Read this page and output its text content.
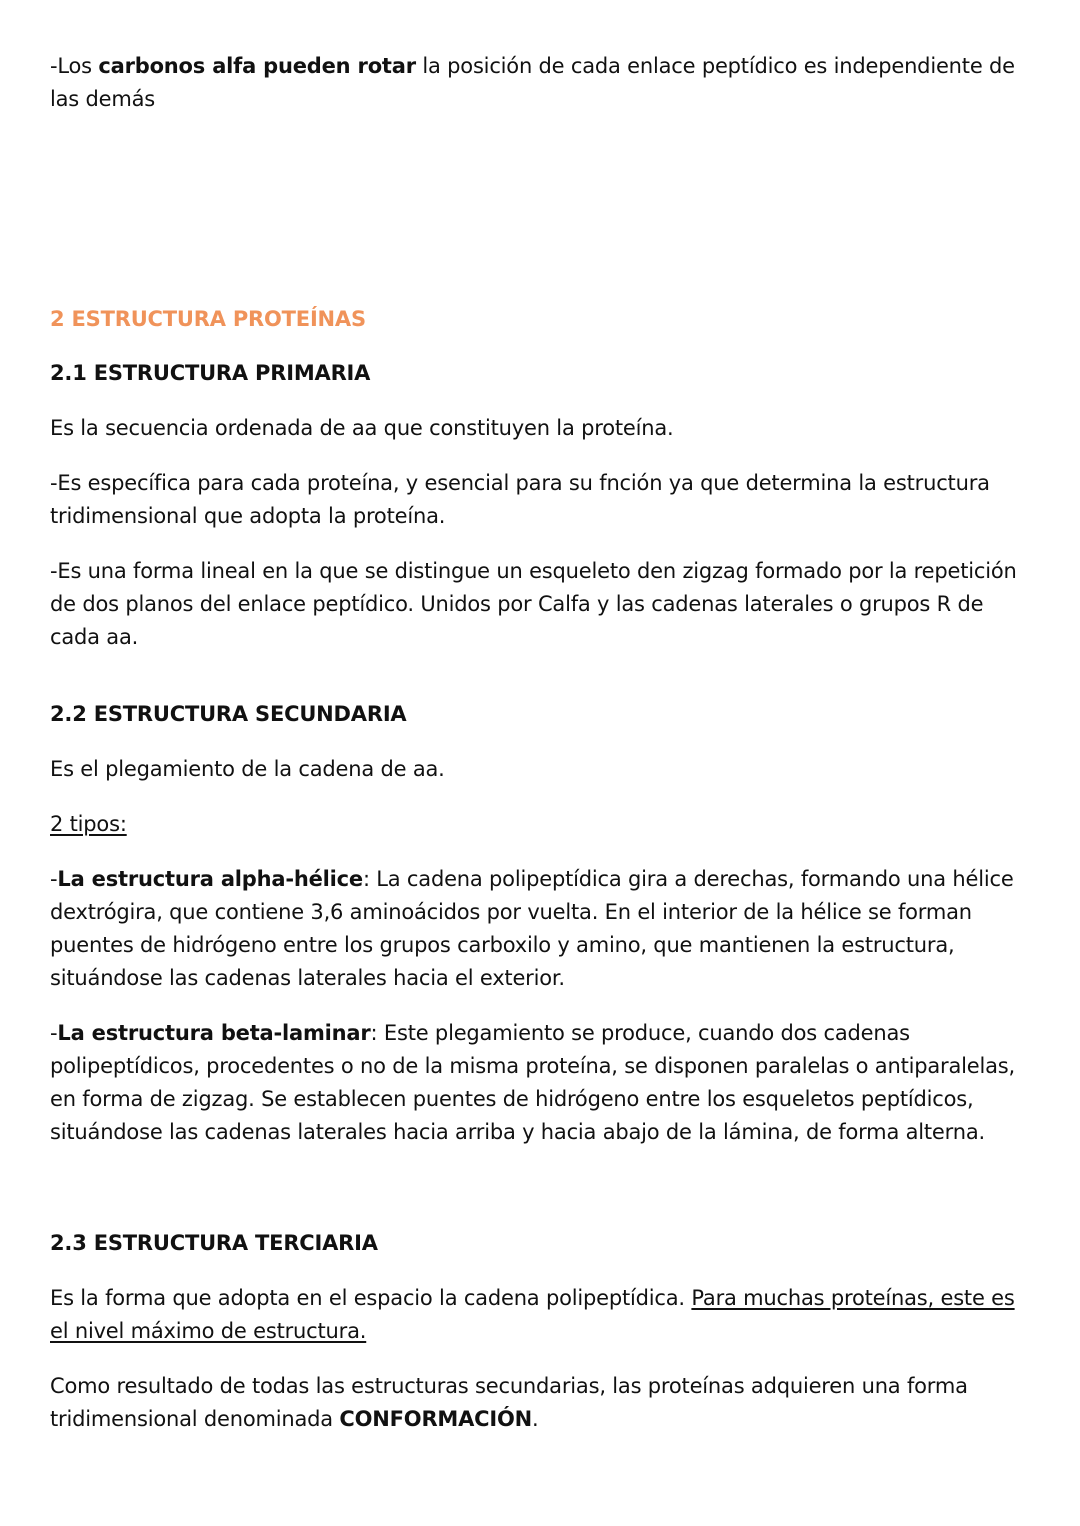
-Los carbonos alfa pueden rotar la posición de cada enlace peptídico es independiente de las demás

2 ESTRUCTURA PROTEÍNAS
2.1 ESTRUCTURA PRIMARIA

Es la secuencia ordenada de aa que constituyen la proteína.

-Es específica para cada proteína, y esencial para su fnción ya que determina la estructura tridimensional que adopta la proteína.

-Es una forma lineal en la que se distingue un esqueleto den zigzag formado por la repetición de dos planos del enlace peptídico. Unidos por Calfa y las cadenas laterales o grupos R de cada aa.

2.2 ESTRUCTURA SECUNDARIA

Es el plegamiento de la cadena de aa.

2 tipos:

-La estructura alpha-hélice: La cadena polipeptídica gira a derechas, formando una hélice dextrógira, que contiene 3,6 aminoácidos por vuelta. En el interior de la hélice se forman puentes de hidrógeno entre los grupos carboxilo y amino, que mantienen la estructura, situándose las cadenas laterales hacia el exterior.

-La estructura beta-laminar: Este plegamiento se produce, cuando dos cadenas polipeptídicos, procedentes o no de la misma proteína, se disponen paralelas o antiparalelas, en forma de zigzag. Se establecen puentes de hidrógeno entre los esqueletos peptídicos, situándose las cadenas laterales hacia arriba y hacia abajo de la lámina, de forma alterna.

2.3 ESTRUCTURA TERCIARIA

Es la forma que adopta en el espacio la cadena polipeptídica. Para muchas proteínas, este es el nivel máximo de estructura.

Como resultado de todas las estructuras secundarias, las proteínas adquieren una forma tridimensional denominada CONFORMACIÓN.
